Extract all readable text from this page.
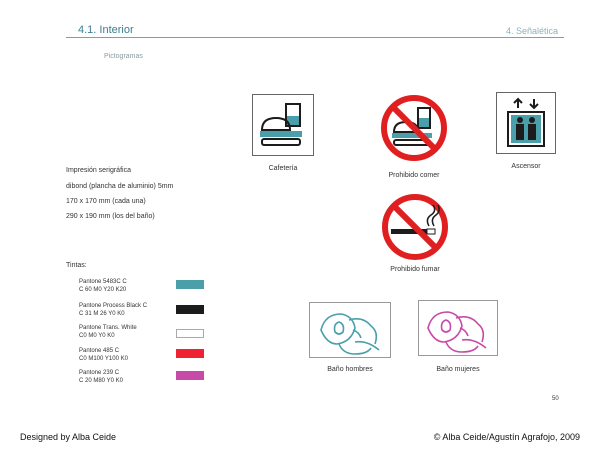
4.1. Interior	4. Señalética
Pictogramas
Impresión serigráfica
dibond (plancha de aluminio) 5mm
170 x 170 mm (cada una)
290 x 190 mm (los del baño)
Tintas:
Pantone 5483C C
C 60 M0 Y20 K20
Pantone Process Black C
C 31 M 26 Y0 K0
Pantone Trans. White
C0 M0 Y0 K0
Pantone 485 C
C0 M100 Y100 K0
Pantone 239 C
C 20 M80 Y0 K0
Cafetería
Prohibido comer
Ascensor
Prohibido fumar
Baño hombres	Baño mujeres
50
Designed by Alba Ceide	© Alba Ceide/Agustín Agrafojo, 2009
